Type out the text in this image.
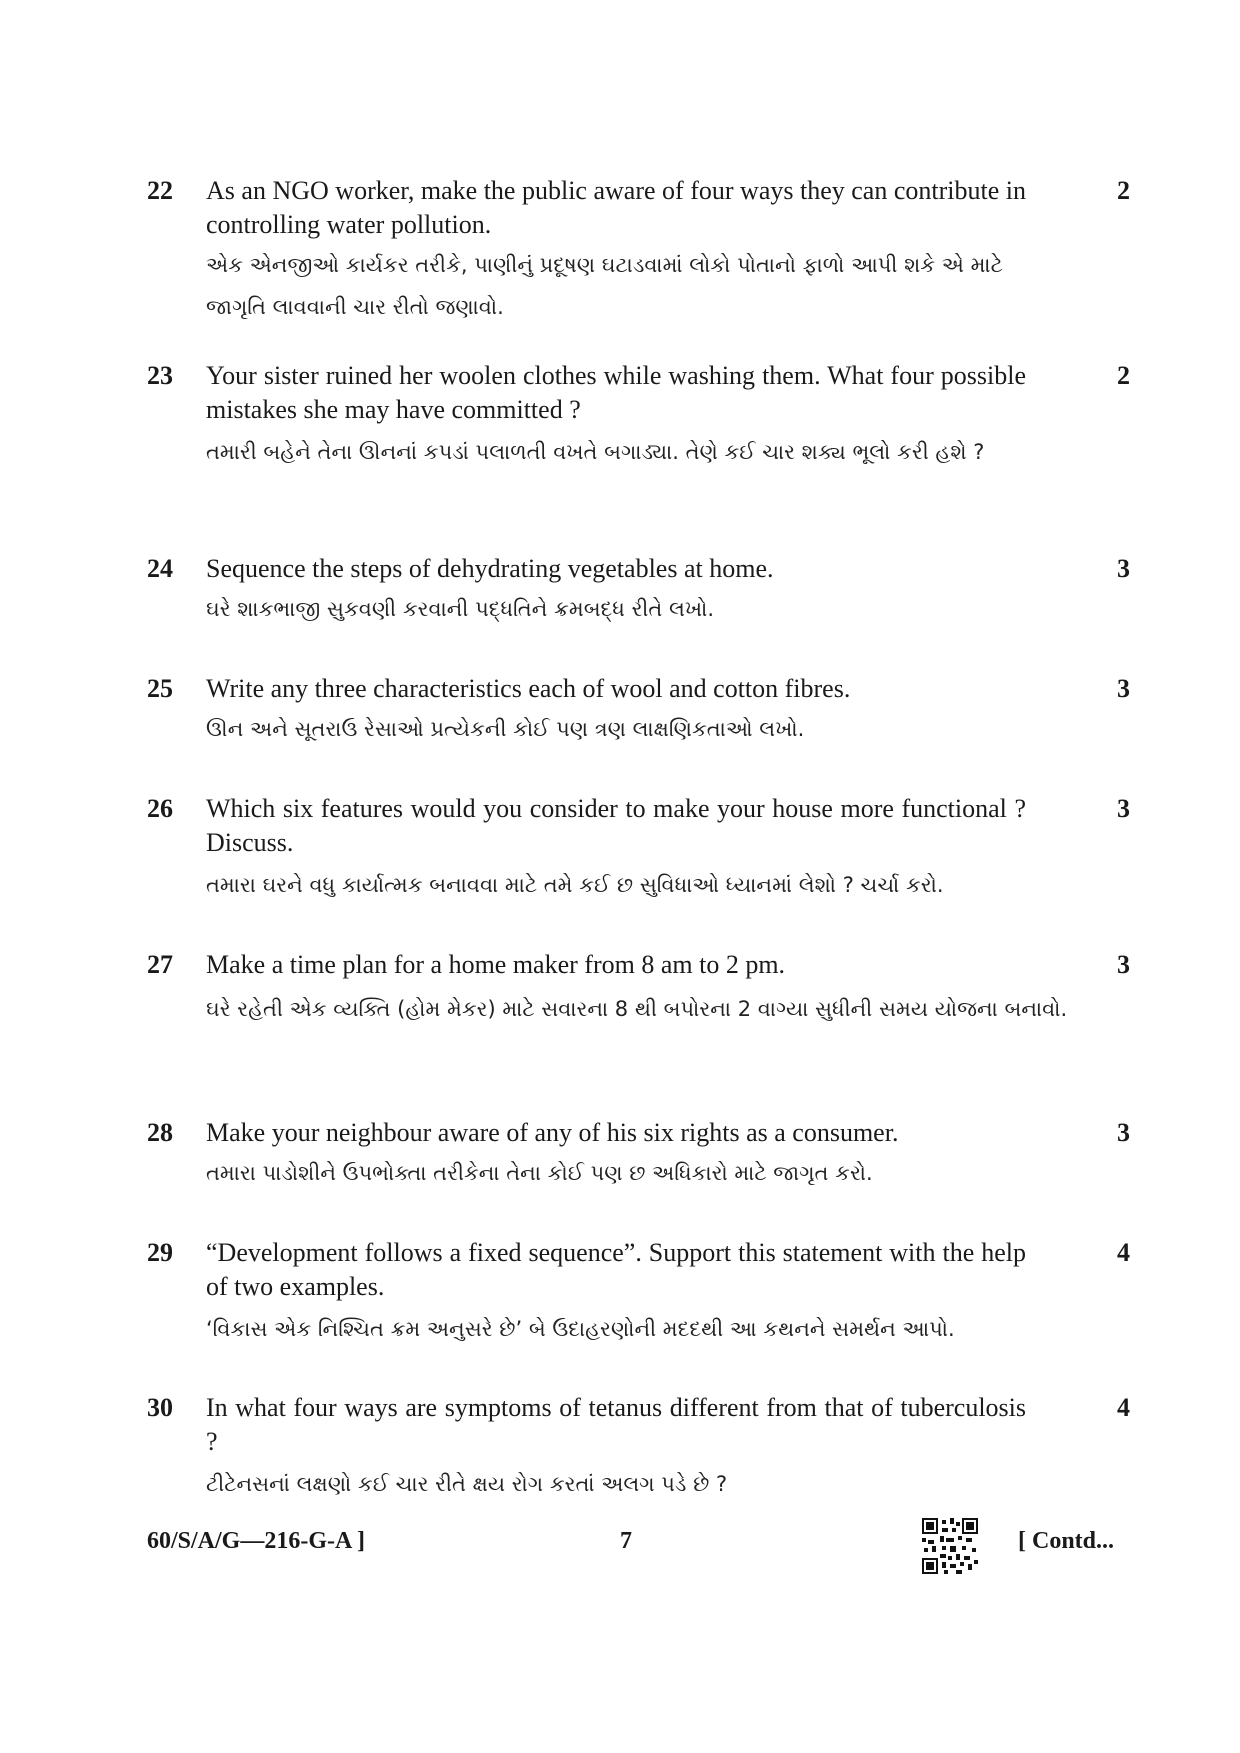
22 As an NGO worker, make the public aware of four ways they can contribute in controlling water pollution.
એક એનજીઓ કાર્યકર તરીકે, પાણીનું પ્રદૂષણ ઘટાડવામાં લોકો પોતાનો ફાળો આપી શકે એ માટે જાગૃતિ લાવવાની ચાર રીતો જણાવો.
2
23 Your sister ruined her woolen clothes while washing them. What four possible mistakes she may have committed ?
તમારી બહેને તેના ઊનનાં કપડાં પલાળતી વખતે બગાડ્યા. તેણે કઈ ચાર શક્ય ભૂલો કરી હશે ?
2
24 Sequence the steps of dehydrating vegetables at home.
ઘરે શાકભાજી સુકવણી કરવાની પદ્ધતિને ક્રમબદ્ધ રીતે લખો.
3
25 Write any three characteristics each of wool and cotton fibres.
ઊન અને સૂતરાઉ રેસાઓ પ્રત્યેકની કોઈ પણ ત્રણ લાક્ષણિકતાઓ લખો.
3
26 Which six features would you consider to make your house more functional ? Discuss.
તમારા ઘરને વધુ કાર્યાત્મક બનાવવા માટે તમે કઈ છ સુવિધાઓ ધ્યાનમાં લેશો ? ચર્ચા કરો.
3
27 Make a time plan for a home maker from 8 am to 2 pm.
ઘરે રહેતી એક વ્યક્તિ (હોમ મેકર) માટે સવારના 8 થી બપોરના 2 વાગ્યા સુધીની સમય યોજના બનાવો.
3
28 Make your neighbour aware of any of his six rights as a consumer.
તમારા પાડોશીને ઉપભોક્તા તરીકેના તેના કોઈ પણ છ અધિકારો માટે જાગૃત કરો.
3
29 “Development follows a fixed sequence”. Support this statement with the help of two examples.
‘વિકાસ એક નિશ્ચિત ક્રમ અનુસરે છે’ બે ઉદાહરણોની મદદથી આ કથનને સમર્થન આપો.
4
30 In what four ways are symptoms of tetanus different from that of tuberculosis ?
ટીટેનસનાં લક્ષણો કઈ ચાર રીતે ક્ષય રોગ કરતાં અલગ પડે છે ?
4
60/S/A/G—216-G-A ]	7	[ Contd...
